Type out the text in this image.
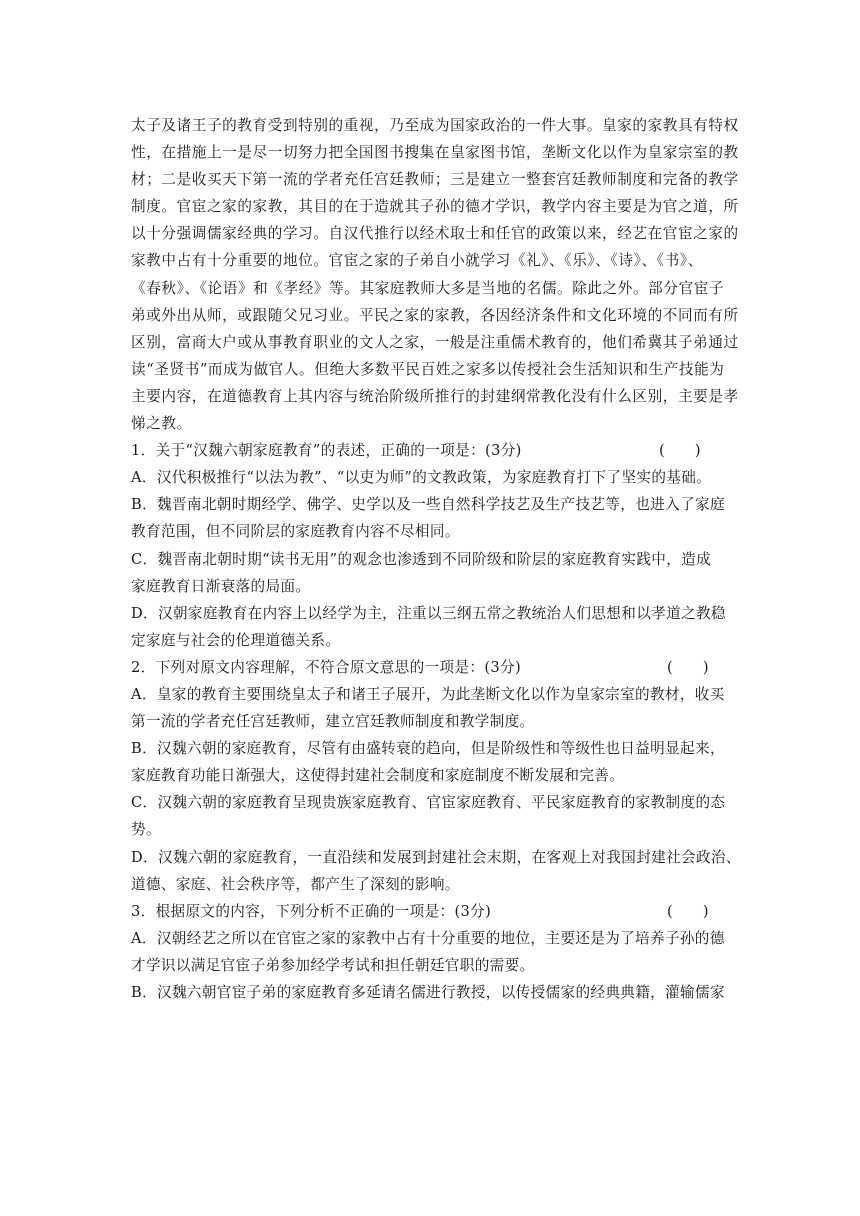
太子及诸王子的教育受到特别的重视，乃至成为国家政治的一件大事。皇家的家教具有特权
性，在措施上一是尽一切努力把全国图书搜集在皇家图书馆，垄断文化以作为皇家宗室的教
材；二是收买天下第一流的学者充任宫廷教师；三是建立一整套宫廷教师制度和完备的教学
制度。官宦之家的家教，其目的在于造就其子孙的德才学识，教学内容主要是为官之道，所
以十分强调儒家经典的学习。自汉代推行以经术取士和任官的政策以来，经艺在官宦之家的
家教中占有十分重要的地位。官宦之家的子弟自小就学习《礼》、《乐》、《诗》、《书》、
《春秋》、《论语》和《孝经》等。其家庭教师大多是当地的名儒。除此之外。部分官宦子
弟或外出从师，或跟随父兄习业。平民之家的家教，各因经济条件和文化环境的不同而有所
区别，富商大户或从事教育职业的文人之家，一般是注重儒术教育的，他们希冀其子弟通过
读“圣贤书”而成为做官人。但绝大多数平民百姓之家多以传授社会生活知识和生产技能为
主要内容，在道德教育上其内容与统治阶级所推行的封建纲常教化没有什么区别，主要是孝
悌之教。
1．关于“汉魏六朝家庭教育”的表述，正确的一项是：(3分)	(　　)
A．汉代积极推行“以法为教”、“以吏为师”的文教政策，为家庭教育打下了坚实的基础。
B．魏晋南北朝时期经学、佛学、史学以及一些自然科学技艺及生产技艺等，也进入了家庭
教育范围，但不同阶层的家庭教育内容不尽相同。
C．魏晋南北朝时期“读书无用”的观念也渗透到不同阶级和阶层的家庭教育实践中，造成
家庭教育日渐衰落的局面。
D．汉朝家庭教育在内容上以经学为主，注重以三纲五常之教统治人们思想和以孝道之教稳
定家庭与社会的伦理道德关系。
2．下列对原文内容理解，不符合原文意思的一项是：(3分)	(　　)
A．皇家的教育主要围绕皇太子和诸王子展开，为此垄断文化以作为皇家宗室的教材，收买
第一流的学者充任宫廷教师，建立宫廷教师制度和教学制度。
B．汉魏六朝的家庭教育，尽管有由盛转衰的趋向，但是阶级性和等级性也日益明显起来，
家庭教育功能日渐强大，这使得封建社会制度和家庭制度不断发展和完善。
C．汉魏六朝的家庭教育呈现贵族家庭教育、官宦家庭教育、平民家庭教育的家教制度的态
势。
D．汉魏六朝的家庭教育，一直沿续和发展到封建社会末期，在客观上对我国封建社会政治、
道德、家庭、社会秩序等，都产生了深刻的影响。
3．根据原文的内容，下列分析不正确的一项是：(3分)	(　　)
A．汉朝经艺之所以在官宦之家的家教中占有十分重要的地位，主要还是为了培养子孙的德
才学识以满足官宦子弟参加经学考试和担任朝廷官职的需要。
B．汉魏六朝官宦子弟的家庭教育多延请名儒进行教授，以传授儒家的经典典籍，灌输儒家
